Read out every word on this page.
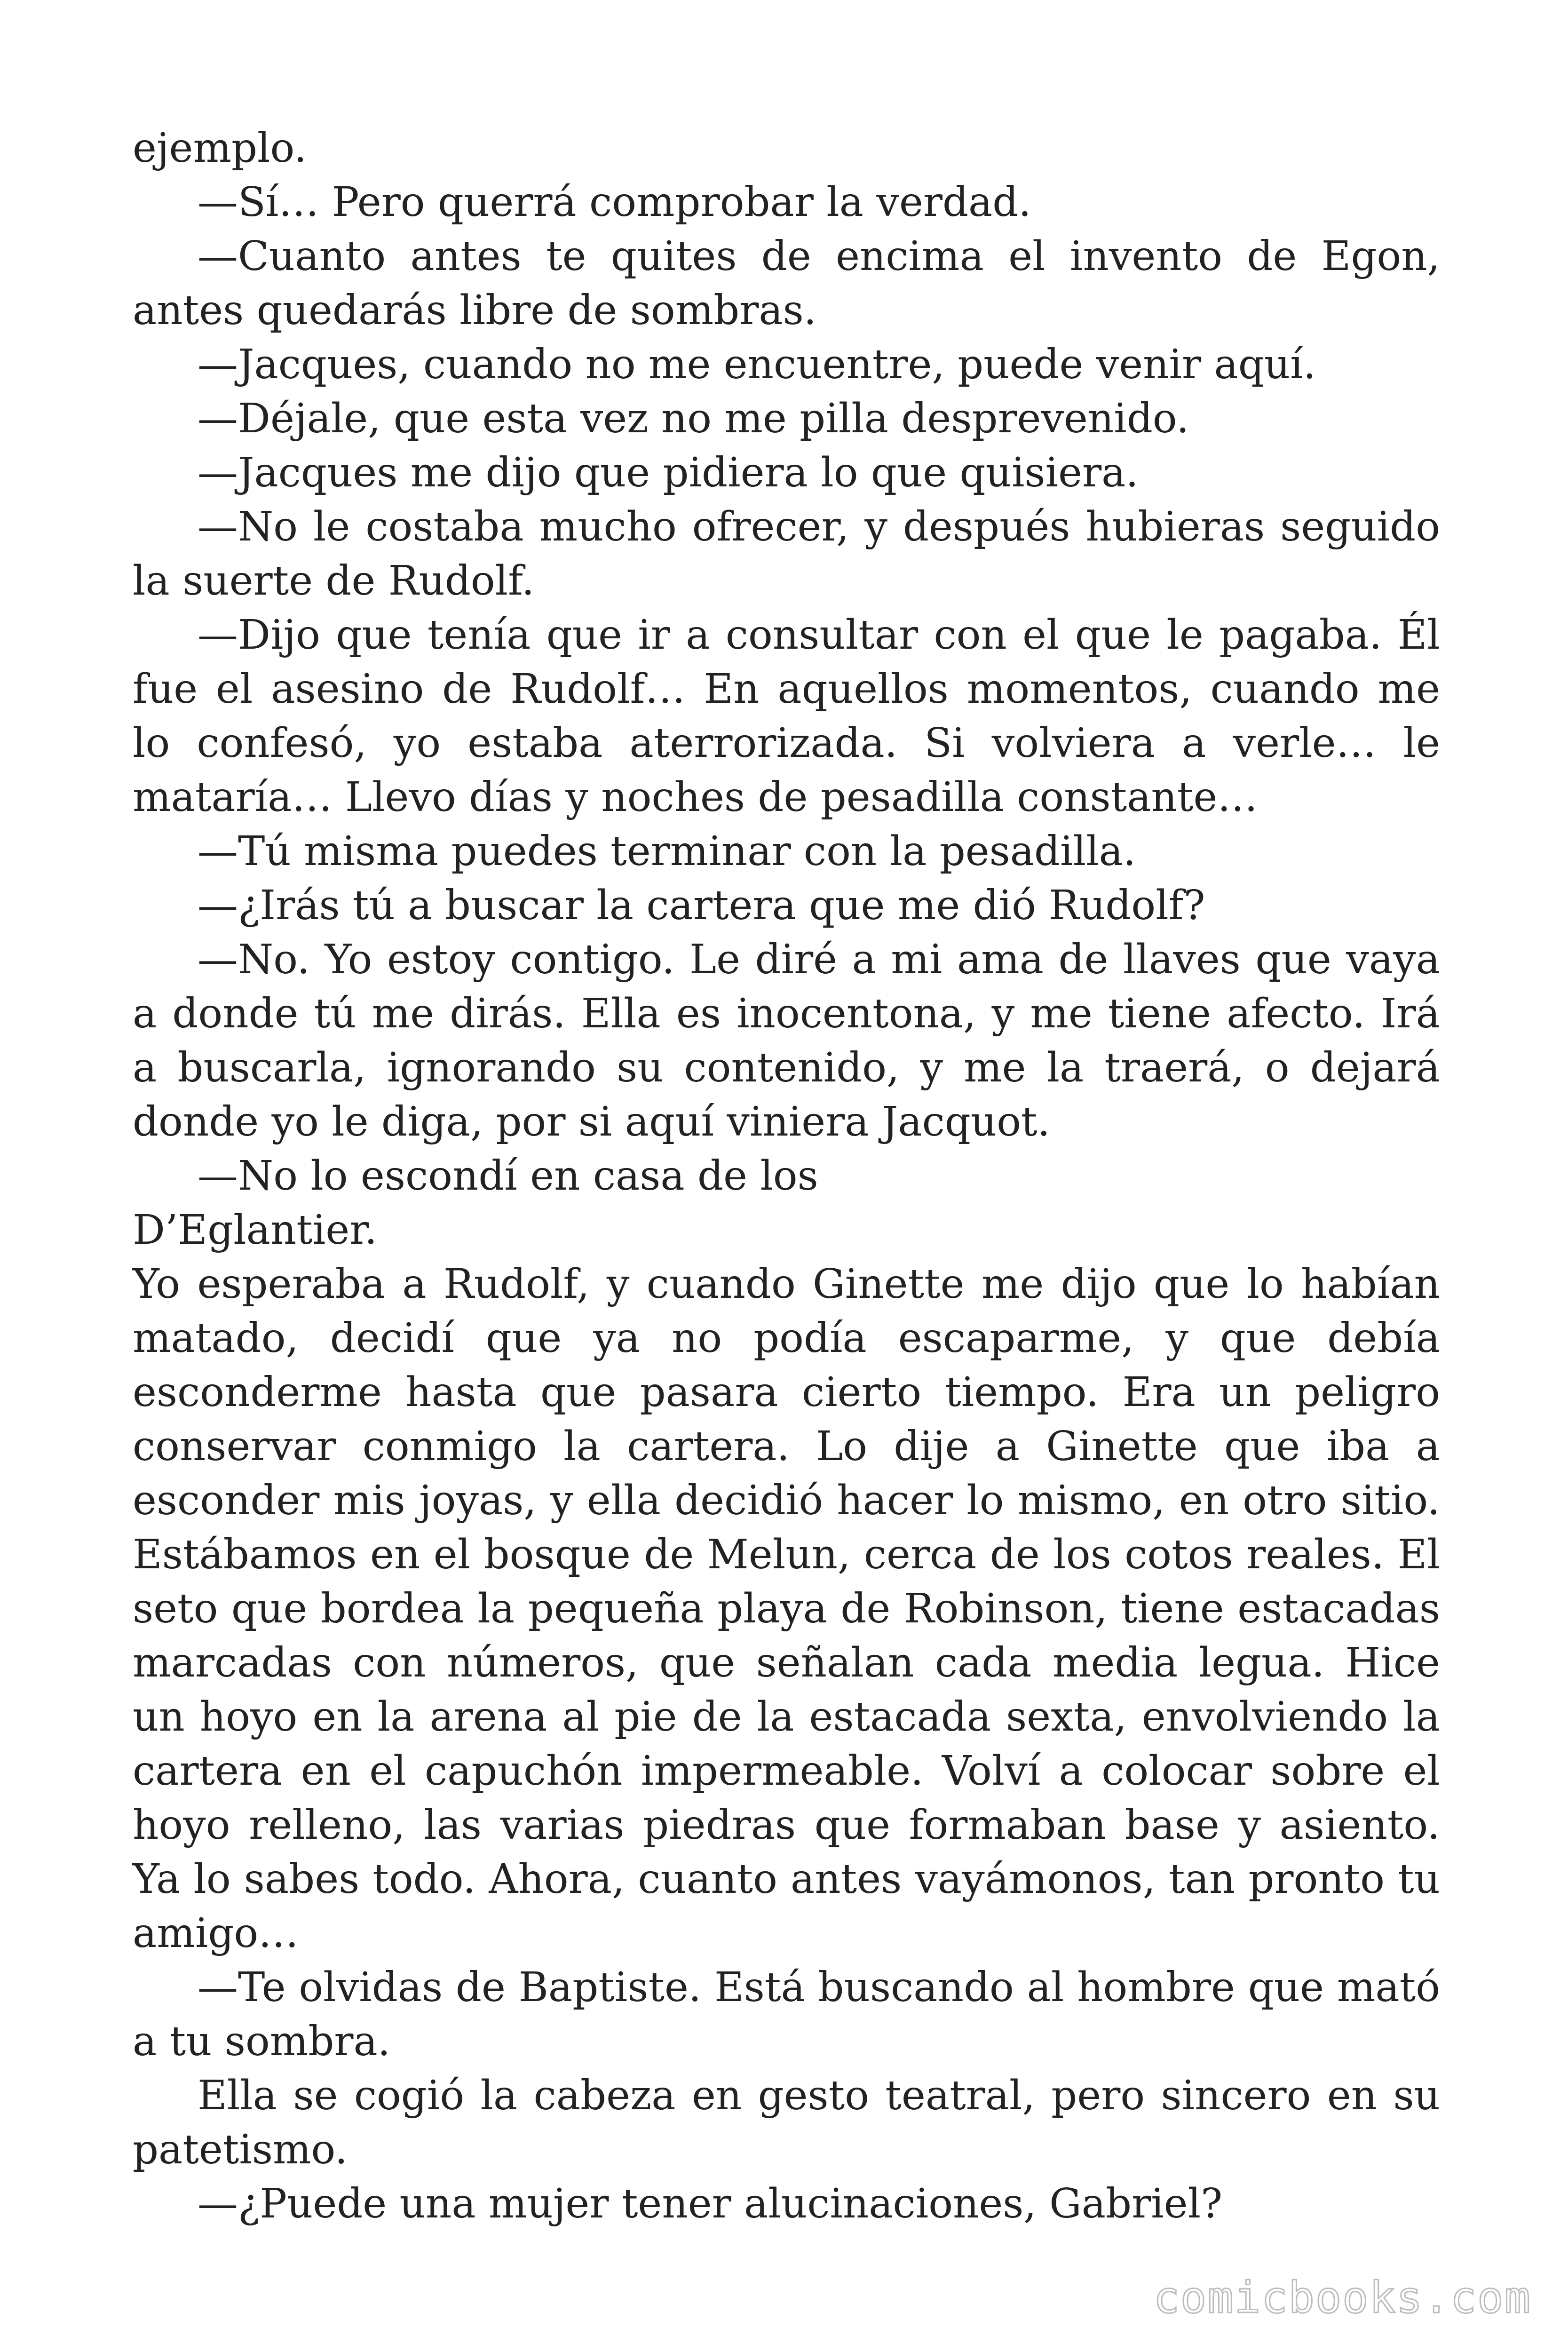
ejemplo.

—Sí… Pero querrá comprobar la verdad.

—Cuanto antes te quites de encima el invento de Egon, antes quedarás libre de sombras.

—Jacques, cuando no me encuentre, puede venir aquí.

—Déjale, que esta vez no me pilla desprevenido.

—Jacques me dijo que pidiera lo que quisiera.

—No le costaba mucho ofrecer, y después hubieras seguido la suerte de Rudolf.

—Dijo que tenía que ir a consultar con el que le pagaba. Él fue el asesino de Rudolf… En aquellos momentos, cuando me lo confesó, yo estaba aterrorizada. Si volviera a verle… le mataría… Llevo días y noches de pesadilla constante…

—Tú misma puedes terminar con la pesadilla.

—¿Irás tú a buscar la cartera que me dió Rudolf?

—No. Yo estoy contigo. Le diré a mi ama de llaves que vaya a donde tú me dirás. Ella es inocentona, y me tiene afecto. Irá a buscarla, ignorando su contenido, y me la traerá, o dejará donde yo le diga, por si aquí viniera Jacquot.

—No lo escondí en casa de los

D’Eglantier.

Yo esperaba a Rudolf, y cuando Ginette me dijo que lo habían matado, decidí que ya no podía escaparme, y que debía esconderme hasta que pasara cierto tiempo. Era un peligro conservar conmigo la cartera. Lo dije a Ginette que iba a esconder mis joyas, y ella decidió hacer lo mismo, en otro sitio. Estábamos en el bosque de Melun, cerca de los cotos reales. El seto que bordea la pequeña playa de Robinson, tiene estacadas marcadas con números, que señalan cada media legua. Hice un hoyo en la arena al pie de la estacada sexta, envolviendo la cartera en el capuchón impermeable. Volví a colocar sobre el hoyo relleno, las varias piedras que formaban base y asiento. Ya lo sabes todo. Ahora, cuanto antes vayámonos, tan pronto tu amigo…

—Te olvidas de Baptiste. Está buscando al hombre que mató a tu sombra.

Ella se cogió la cabeza en gesto teatral, pero sincero en su patetismo.

—¿Puede una mujer tener alucinaciones, Gabriel?

comicbooks.com
